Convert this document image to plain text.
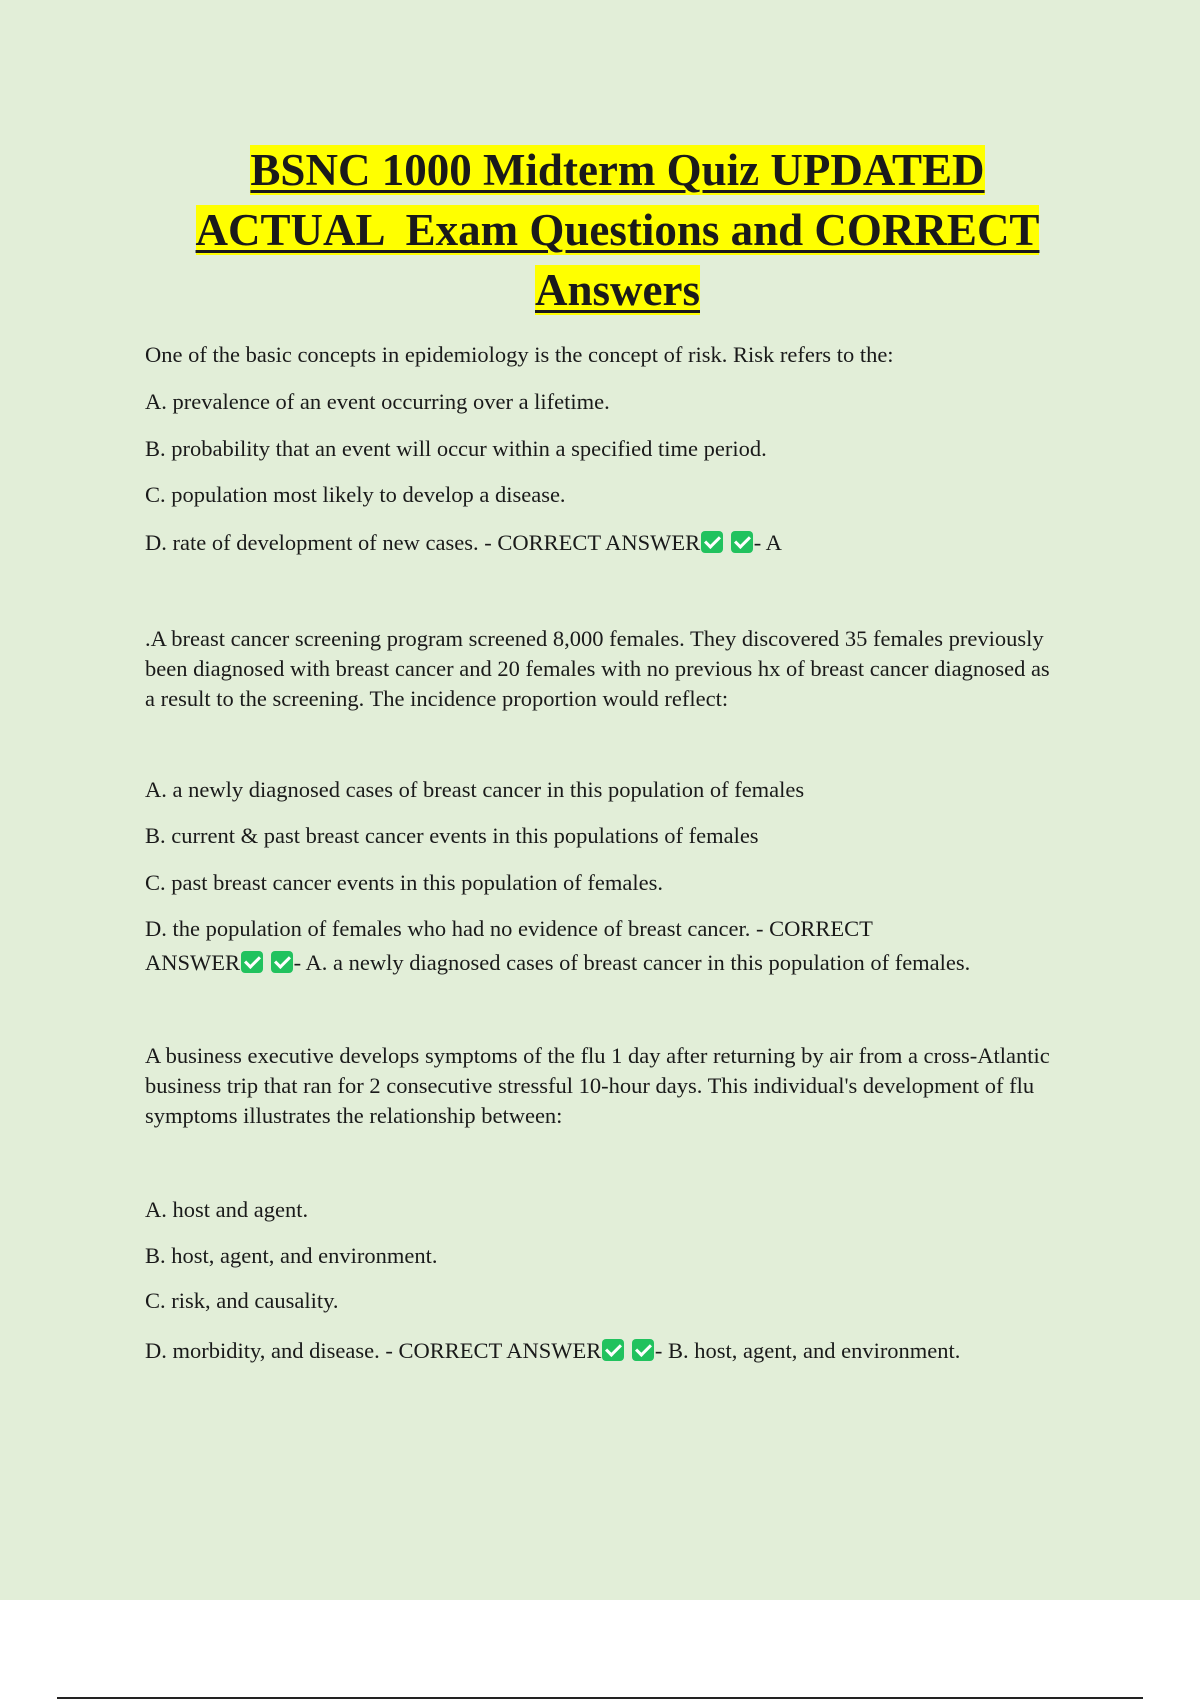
BSNC 1000 Midterm Quiz UPDATED
ACTUAL  Exam Questions and CORRECT
Answers
One of the basic concepts in epidemiology is the concept of risk. Risk refers to the:
A. prevalence of an event occurring over a lifetime.
B. probability that an event will occur within a specified time period.
C. population most likely to develop a disease.
D. rate of development of new cases. - CORRECT ANSWER - A
.A breast cancer screening program screened 8,000 females. They discovered 35 females previously been diagnosed with breast cancer and 20 females with no previous hx of breast cancer diagnosed as a result to the screening. The incidence proportion would reflect:
A. a newly diagnosed cases of breast cancer in this population of females
B. current & past breast cancer events in this populations of females
C. past breast cancer events in this population of females.
D. the population of females who had no evidence of breast cancer. - CORRECT
ANSWER - A. a newly diagnosed cases of breast cancer in this population of females.
A business executive develops symptoms of the flu 1 day after returning by air from a cross-Atlantic business trip that ran for 2 consecutive stressful 10-hour days. This individual's development of flu symptoms illustrates the relationship between:
A. host and agent.
B. host, agent, and environment.
C. risk, and causality.
D. morbidity, and disease. - CORRECT ANSWER - B. host, agent, and environment.
